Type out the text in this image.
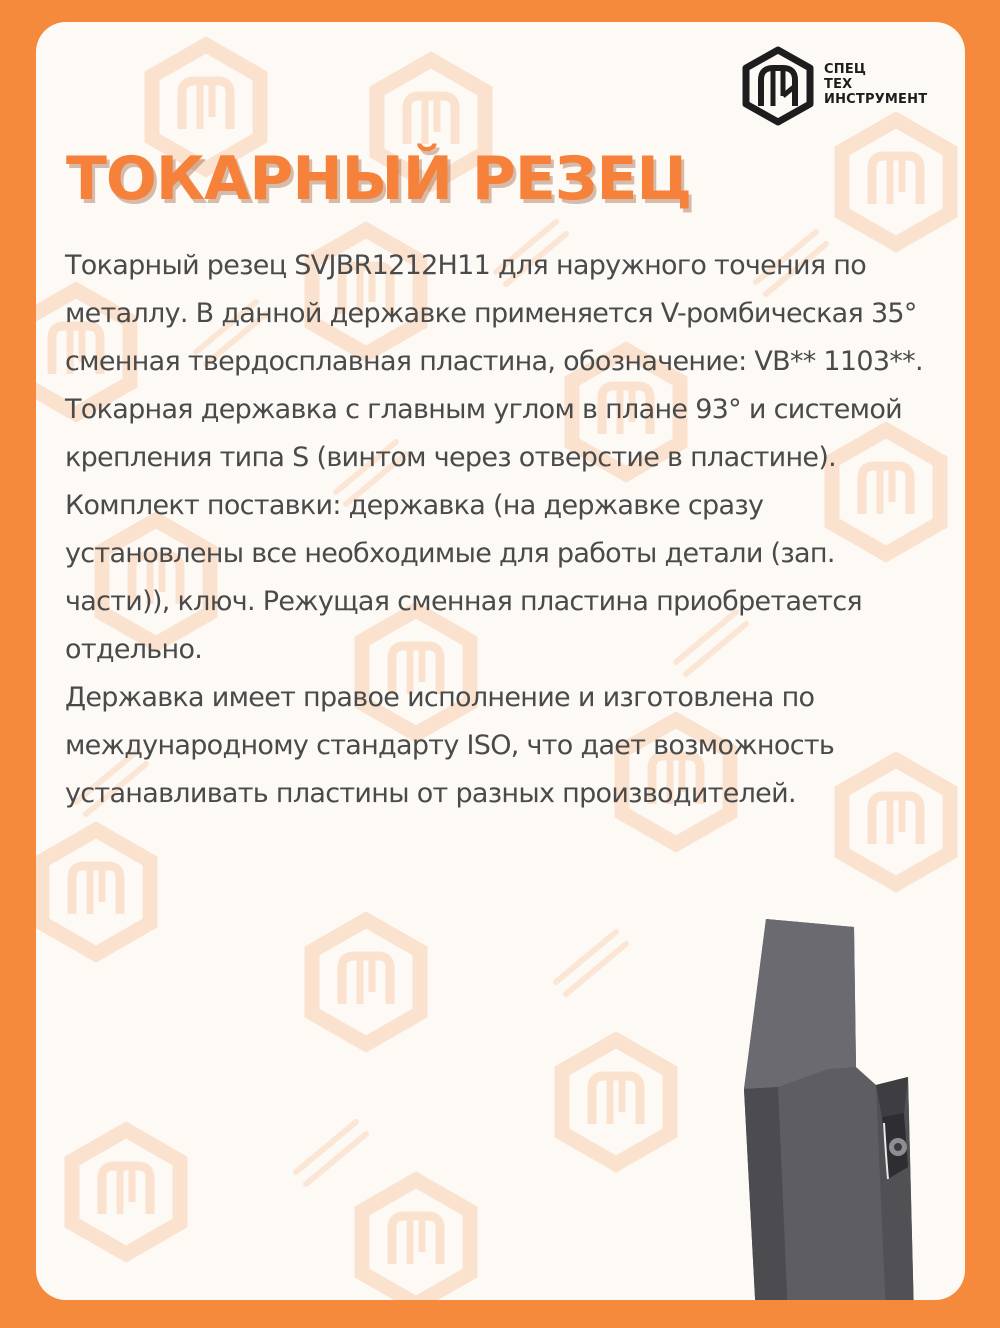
СПЕЦ
ТЕХ
ИНСТРУМЕНТ
ТОКАРНЫЙ РЕЗЕЦ

Токарный резец SVJBR1212H11 для наружного точения по металлу. В данной державке применяется V-ромбическая 35° сменная твердосплавная пластина, обозначение: VB** 1103**.

Токарная державка с главным углом в плане 93° и системой крепления типа S (винтом через отверстие в пластине).

Комплект поставки: державка (на державке сразу установлены все необходимые для работы детали (зап. части)), ключ. Режущая сменная пластина приобретается отдельно.

Державка имеет правое исполнение и изготовлена по международному стандарту ISO, что дает возможность устанавливать пластины от разных производителей.
